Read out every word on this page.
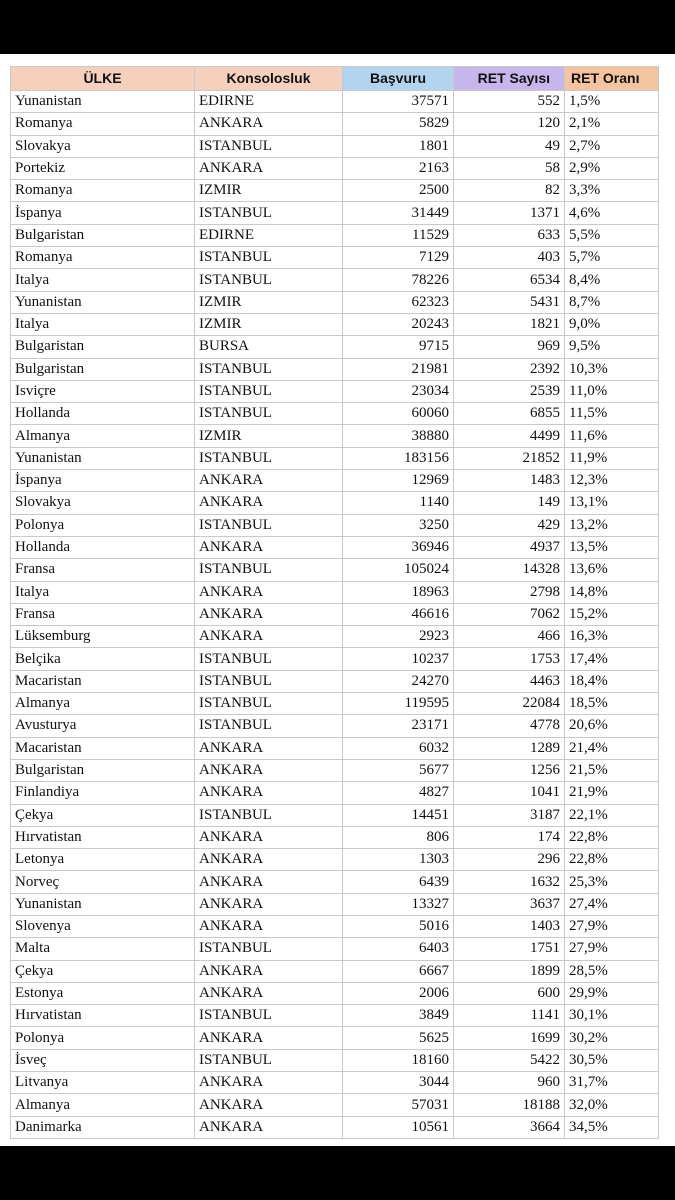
ÜLKE	Konsolosluk	Başvuru	RET Sayısı	RET Oranı
Yunanistan	EDIRNE	37571	552	1,5%
Romanya	ANKARA	5829	120	2,1%
Slovakya	ISTANBUL	1801	49	2,7%
Portekiz	ANKARA	2163	58	2,9%
Romanya	IZMIR	2500	82	3,3%
İspanya	ISTANBUL	31449	1371	4,6%
Bulgaristan	EDIRNE	11529	633	5,5%
Romanya	ISTANBUL	7129	403	5,7%
Italya	ISTANBUL	78226	6534	8,4%
Yunanistan	IZMIR	62323	5431	8,7%
Italya	IZMIR	20243	1821	9,0%
Bulgaristan	BURSA	9715	969	9,5%
Bulgaristan	ISTANBUL	21981	2392	10,3%
Isviçre	ISTANBUL	23034	2539	11,0%
Hollanda	ISTANBUL	60060	6855	11,5%
Almanya	IZMIR	38880	4499	11,6%
Yunanistan	ISTANBUL	183156	21852	11,9%
İspanya	ANKARA	12969	1483	12,3%
Slovakya	ANKARA	1140	149	13,1%
Polonya	ISTANBUL	3250	429	13,2%
Hollanda	ANKARA	36946	4937	13,5%
Fransa	ISTANBUL	105024	14328	13,6%
Italya	ANKARA	18963	2798	14,8%
Fransa	ANKARA	46616	7062	15,2%
Lüksemburg	ANKARA	2923	466	16,3%
Belçika	ISTANBUL	10237	1753	17,4%
Macaristan	ISTANBUL	24270	4463	18,4%
Almanya	ISTANBUL	119595	22084	18,5%
Avusturya	ISTANBUL	23171	4778	20,6%
Macaristan	ANKARA	6032	1289	21,4%
Bulgaristan	ANKARA	5677	1256	21,5%
Finlandiya	ANKARA	4827	1041	21,9%
Çekya	ISTANBUL	14451	3187	22,1%
Hırvatistan	ANKARA	806	174	22,8%
Letonya	ANKARA	1303	296	22,8%
Norveç	ANKARA	6439	1632	25,3%
Yunanistan	ANKARA	13327	3637	27,4%
Slovenya	ANKARA	5016	1403	27,9%
Malta	ISTANBUL	6403	1751	27,9%
Çekya	ANKARA	6667	1899	28,5%
Estonya	ANKARA	2006	600	29,9%
Hırvatistan	ISTANBUL	3849	1141	30,1%
Polonya	ANKARA	5625	1699	30,2%
İsveç	ISTANBUL	18160	5422	30,5%
Litvanya	ANKARA	3044	960	31,7%
Almanya	ANKARA	57031	18188	32,0%
Danimarka	ANKARA	10561	3664	34,5%
